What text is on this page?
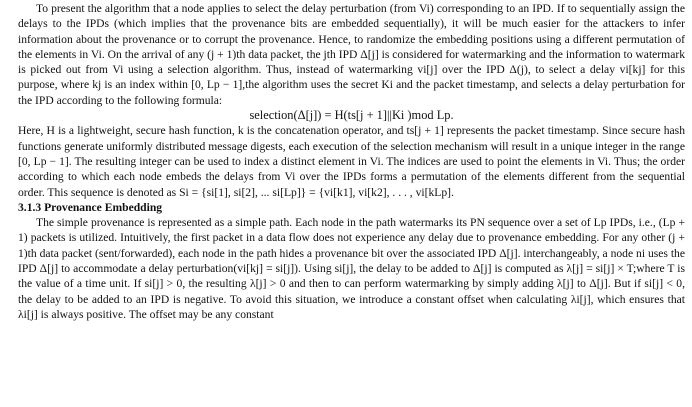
To present the algorithm that a node applies to select the delay perturbation (from Vi) corresponding to an IPD. If to sequentially assign the delays to the IPDs (which implies that the provenance bits are embedded sequentially), it will be much easier for the attackers to infer information about the provenance or to corrupt the provenance. Hence, to randomize the embedding positions using a different permutation of the elements in Vi. On the arrival of any (j + 1)th data packet, the jth IPD Δ[j] is considered for watermarking and the information to watermark is picked out from Vi using a selection algorithm. Thus, instead of watermarking vi[j] over the IPD Δ(j), to select a delay vi[kj] for this purpose, where kj is an index within [0, Lp − 1],the algorithm uses the secret Ki and the packet timestamp, and selects a delay perturbation for the IPD according to the following formula:

selection(Δ[j]) = H(ts[j + 1]||Ki )mod Lp.

Here, H is a lightweight, secure hash function, k is the concatenation operator, and ts[j + 1] represents the packet timestamp. Since secure hash functions generate uniformly distributed message digests, each execution of the selection mechanism will result in a unique integer in the range [0, Lp − 1]. The resulting integer can be used to index a distinct element in Vi. The indices are used to point the elements in Vi. Thus; the order according to which each node embeds the delays from Vi over the IPDs forms a permutation of the elements different from the sequential order. This sequence is denoted as Si = {si[1], si[2], ... si[Lp]} = {vi[k1], vi[k2], . . . , vi[kLp].

3.1.3 Provenance Embedding

The simple provenance is represented as a simple path. Each node in the path watermarks its PN sequence over a set of Lp IPDs, i.e., (Lp + 1) packets is utilized. Intuitively, the first packet in a data flow does not experience any delay due to provenance embedding. For any other (j + 1)th data packet (sent/forwarded), each node in the path hides a provenance bit over the associated IPD Δ[j]. interchangeably, a node ni uses the IPD Δ[j] to accommodate a delay perturbation(vi[kj] = si[j]). Using si[j], the delay to be added to Δ[j] is computed as λ[j] = si[j] × T;where T is the value of a time unit. If si[j] > 0, the resulting λ[j] > 0 and then to can perform watermarking by simply adding λ[j] to Δ[j]. But if si[j] < 0, the delay to be added to an IPD is negative. To avoid this situation, we introduce a constant offset when calculating λi[j], which ensures that λi[j] is always positive. The offset may be any constant
